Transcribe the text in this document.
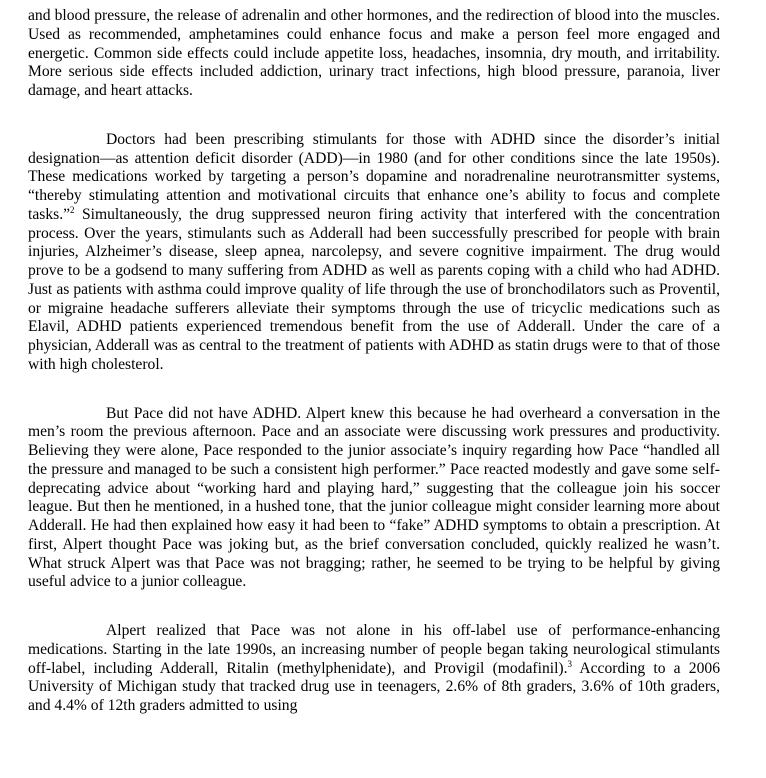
and blood pressure, the release of adrenalin and other hormones, and the redirection of blood into the muscles. Used as recommended, amphetamines could enhance focus and make a person feel more engaged and energetic. Common side effects could include appetite loss, headaches, insomnia, dry mouth, and irritability. More serious side effects included addiction, urinary tract infections, high blood pressure, paranoia, liver damage, and heart attacks.

Doctors had been prescribing stimulants for those with ADHD since the disorder’s initial designation—as attention deficit disorder (ADD)—in 1980 (and for other conditions since the late 1950s). These medications worked by targeting a person’s dopamine and noradrenaline neurotransmitter systems, “thereby stimulating attention and motivational circuits that enhance one’s ability to focus and complete tasks.”$^2$ Simultaneously, the drug suppressed neuron firing activity that interfered with the concentration process. Over the years, stimulants such as Adderall had been successfully prescribed for people with brain injuries, Alzheimer’s disease, sleep apnea, narcolepsy, and severe cognitive impairment. The drug would prove to be a godsend to many suffering from ADHD as well as parents coping with a child who had ADHD. Just as patients with asthma could improve quality of life through the use of bronchodilators such as Proventil, or migraine headache sufferers alleviate their symptoms through the use of tricyclic medications such as Elavil, ADHD patients experienced tremendous benefit from the use of Adderall. Under the care of a physician, Adderall was as central to the treatment of patients with ADHD as statin drugs were to that of those with high cholesterol.

But Pace did not have ADHD. Alpert knew this because he had overheard a conversation in the men’s room the previous afternoon. Pace and an associate were discussing work pressures and productivity. Believing they were alone, Pace responded to the junior associate’s inquiry regarding how Pace “handled all the pressure and managed to be such a consistent high performer.” Pace reacted modestly and gave some self-deprecating advice about “working hard and playing hard,” suggesting that the colleague join his soccer league. But then he mentioned, in a hushed tone, that the junior colleague might consider learning more about Adderall. He had then explained how easy it had been to “fake” ADHD symptoms to obtain a prescription. At first, Alpert thought Pace was joking but, as the brief conversation concluded, quickly realized he wasn’t. What struck Alpert was that Pace was not bragging; rather, he seemed to be trying to be helpful by giving useful advice to a junior colleague.

Alpert realized that Pace was not alone in his off-label use of performance-enhancing medications. Starting in the late 1990s, an increasing number of people began taking neurological stimulants off-label, including Adderall, Ritalin (methylphenidate), and Provigil (modafinil).$^3$ According to a 2006 University of Michigan study that tracked drug use in teenagers, 2.6% of 8th graders, 3.6% of 10th graders, and 4.4% of 12th graders admitted to using
